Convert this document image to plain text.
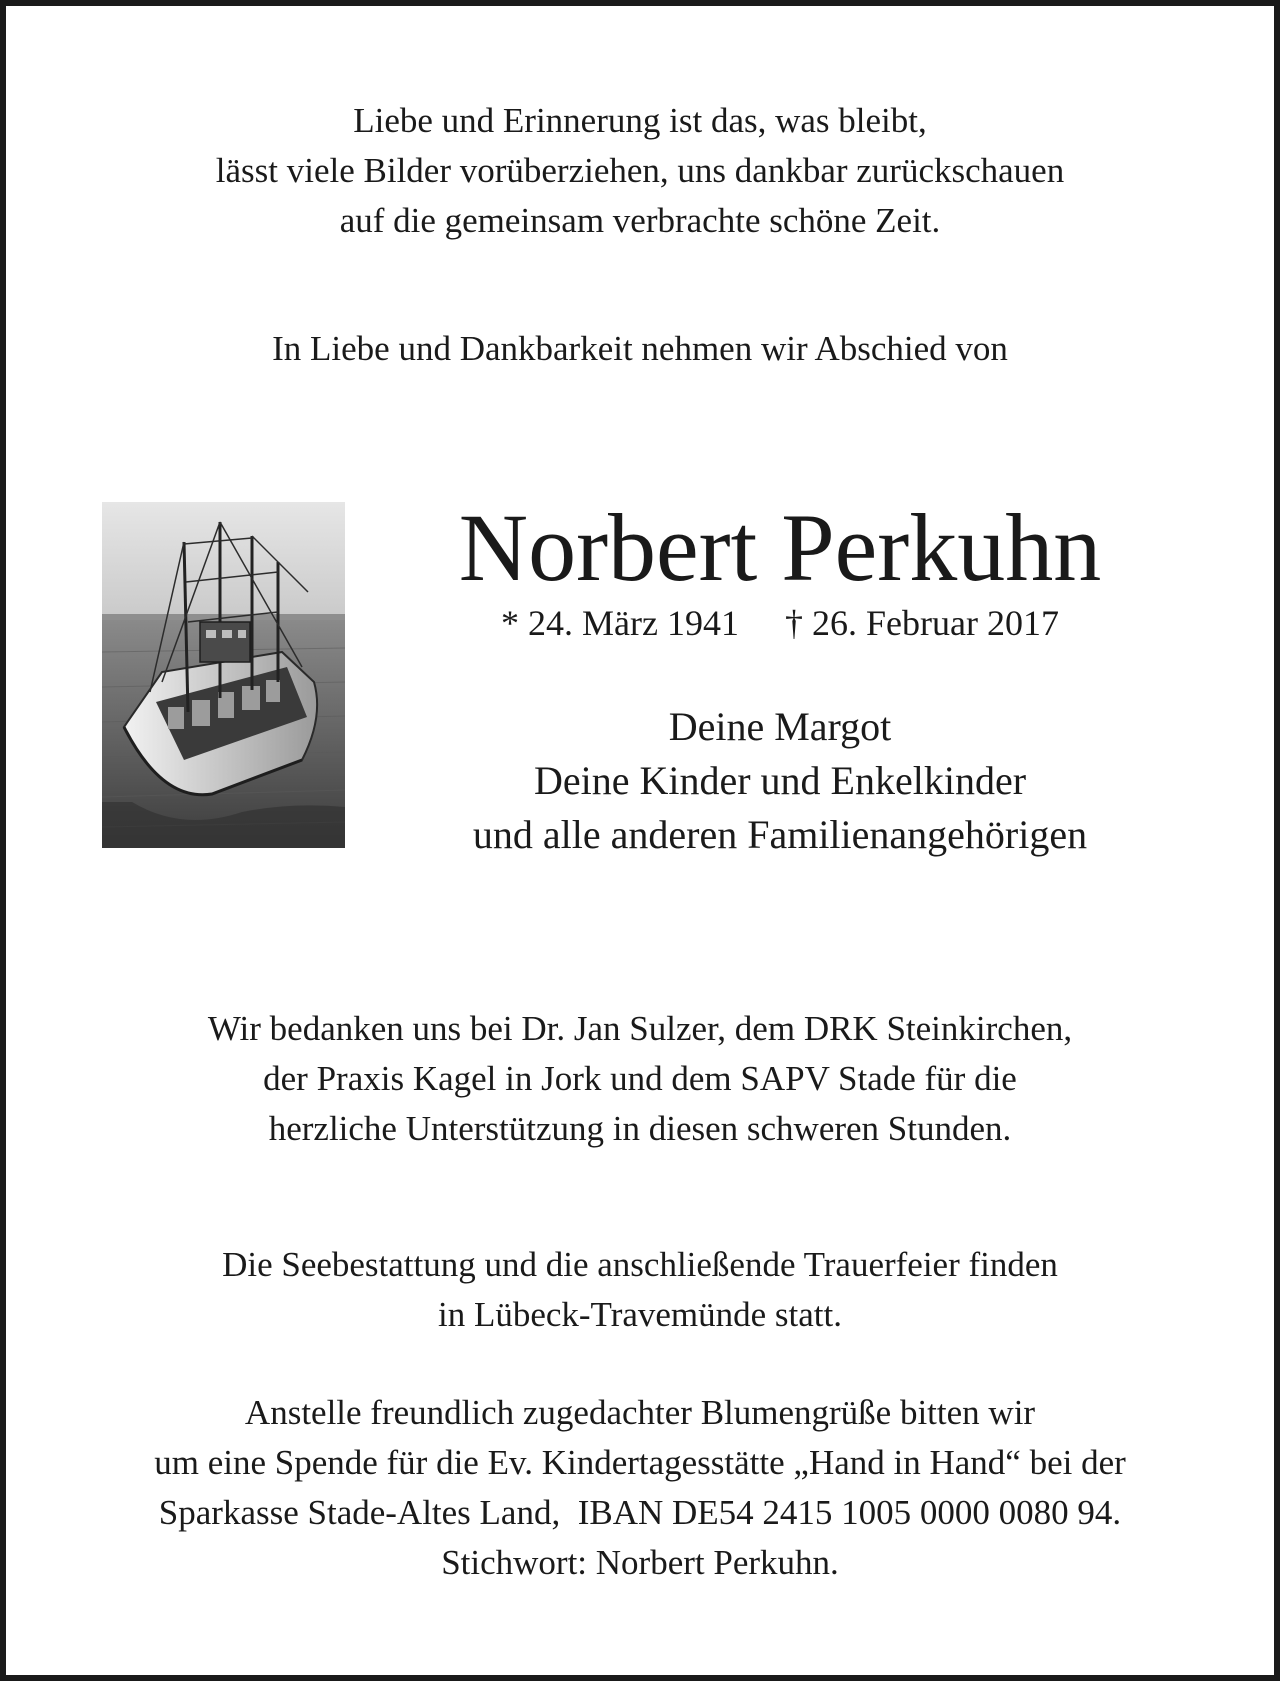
Liebe und Erinnerung ist das, was bleibt,
lässt viele Bilder vorüberziehen, uns dankbar zurückschauen
auf die gemeinsam verbrachte schöne Zeit.
In Liebe und Dankbarkeit nehmen wir Abschied von
Norbert Perkuhn
* 24. März 1941 † 26. Februar 2017
Deine Margot
Deine Kinder und Enkelkinder
und alle anderen Familienangehörigen
Wir bedanken uns bei Dr. Jan Sulzer, dem DRK Steinkirchen,
der Praxis Kagel in Jork und dem SAPV Stade für die
herzliche Unterstützung in diesen schweren Stunden.
Die Seebestattung und die anschließende Trauerfeier finden
in Lübeck-Travemünde statt.
Anstelle freundlich zugedachter Blumengrüße bitten wir
um eine Spende für die Ev. Kindertagesstätte „Hand in Hand“ bei der
Sparkasse Stade-Altes Land,  IBAN DE54 2415 1005 0000 0080 94.
Stichwort: Norbert Perkuhn.
